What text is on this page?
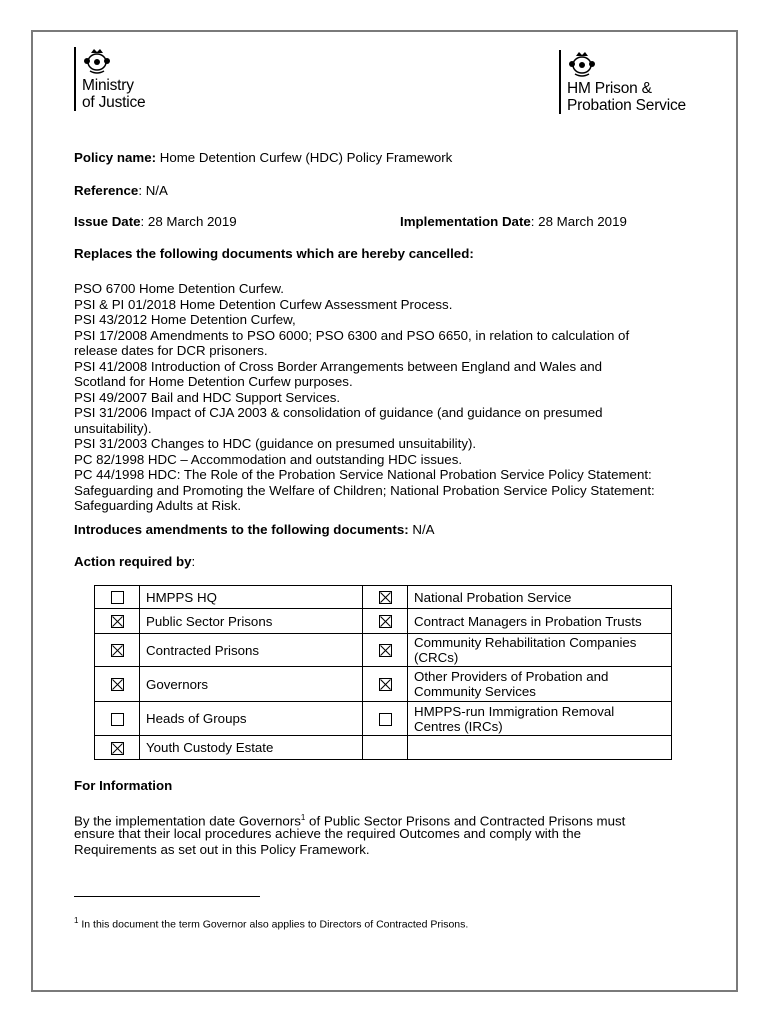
Ministry
of Justice
HM Prison &
Probation Service
Policy name: Home Detention Curfew (HDC) Policy Framework
Reference: N/A
Issue Date: 28 March 2019	Implementation Date: 28 March 2019
Replaces the following documents which are hereby cancelled:
PSO 6700 Home Detention Curfew.
PSI & PI 01/2018 Home Detention Curfew Assessment Process.
PSI 43/2012 Home Detention Curfew,
PSI 17/2008 Amendments to PSO 6000; PSO 6300 and PSO 6650, in relation to calculation of
release dates for DCR prisoners.
PSI 41/2008 Introduction of Cross Border Arrangements between England and Wales and
Scotland for Home Detention Curfew purposes.
PSI 49/2007 Bail and HDC Support Services.
PSI 31/2006 Impact of CJA 2003 & consolidation of guidance (and guidance on presumed
unsuitability).
PSI 31/2003 Changes to HDC (guidance on presumed unsuitability).
PC 82/1998 HDC – Accommodation and outstanding HDC issues.
PC 44/1998 HDC: The Role of the Probation Service National Probation Service Policy Statement:
Safeguarding and Promoting the Welfare of Children; National Probation Service Policy Statement:
Safeguarding Adults at Risk.
Introduces amendments to the following documents: N/A
Action required by:
	HMPPS HQ		National Probation Service

	Public Sector Prisons		Contract Managers in Probation Trusts

	Contracted Prisons		Community Rehabilitation Companies
(CRCs)

	Governors		Other Providers of Probation and
Community Services
	Heads of Groups		HMPPS-run Immigration Removal
Centres (IRCs)

	Youth Custody Estate		
For Information
By the implementation date Governors$^1$ of Public Sector Prisons and Contracted Prisons must
ensure that their local procedures achieve the required Outcomes and comply with the
Requirements as set out in this Policy Framework.
$^1$ In this document the term Governor also applies to Directors of Contracted Prisons.
